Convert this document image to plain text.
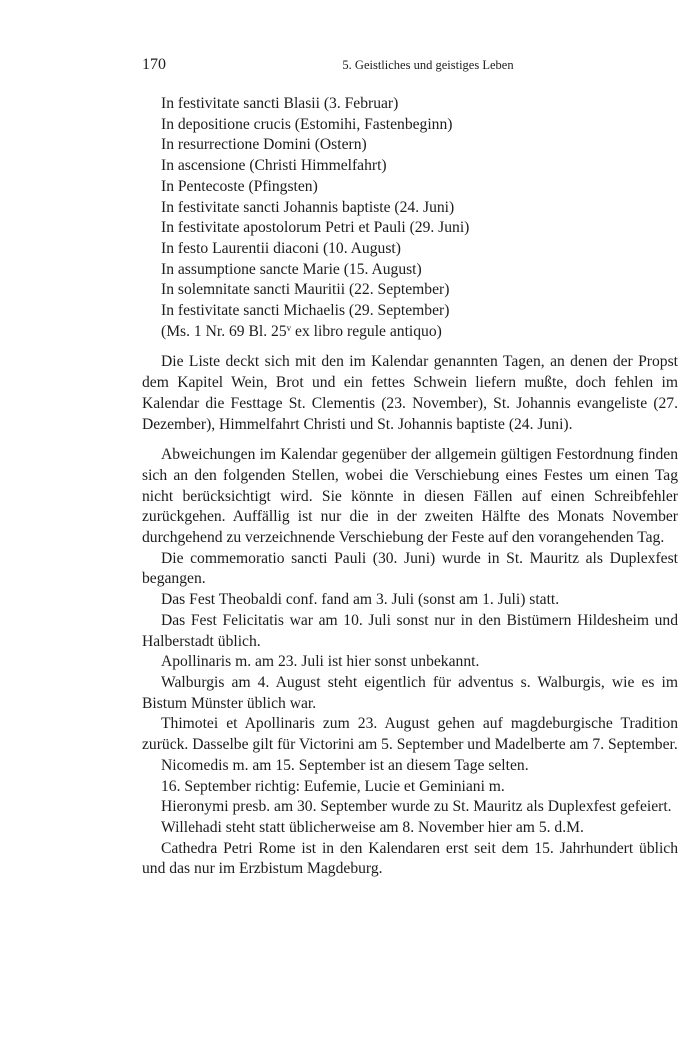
170	5. Geistliches und geistiges Leben
In festivitate sancti Blasii (3. Februar)
In depositione crucis (Estomihi, Fastenbeginn)
In resurrectione Domini (Ostern)
In ascensione (Christi Himmelfahrt)
In Pentecoste (Pfingsten)
In festivitate sancti Johannis baptiste (24. Juni)
In festivitate apostolorum Petri et Pauli (29. Juni)
In festo Laurentii diaconi (10. August)
In assumptione sancte Marie (15. August)
In solemnitate sancti Mauritii (22. September)
In festivitate sancti Michaelis (29. September)
(Ms. 1 Nr. 69 Bl. 25$^v$ ex libro regule antiquo)

Die Liste deckt sich mit den im Kalendar genannten Tagen, an denen der Propst dem Kapitel Wein, Brot und ein fettes Schwein liefern mußte, doch fehlen im Kalendar die Festtage St. Clementis (23. November), St. Johannis evangeliste (27. Dezember), Himmelfahrt Christi und St. Johannis baptiste (24. Juni).

Abweichungen im Kalendar gegenüber der allgemein gültigen Festordnung finden sich an den folgenden Stellen, wobei die Verschiebung eines Festes um einen Tag nicht berücksichtigt wird. Sie könnte in diesen Fällen auf einen Schreibfehler zurückgehen. Auffällig ist nur die in der zweiten Hälfte des Monats November durchgehend zu verzeichnende Verschiebung der Feste auf den vorangehenden Tag.

Die commemoratio sancti Pauli (30. Juni) wurde in St. Mauritz als Duplexfest begangen.

Das Fest Theobaldi conf. fand am 3. Juli (sonst am 1. Juli) statt.

Das Fest Felicitatis war am 10. Juli sonst nur in den Bistümern Hildesheim und Halberstadt üblich.

Apollinaris m. am 23. Juli ist hier sonst unbekannt.

Walburgis am 4. August steht eigentlich für adventus s. Walburgis, wie es im Bistum Münster üblich war.

Thimotei et Apollinaris zum 23. August gehen auf magdeburgische Tradition zurück. Dasselbe gilt für Victorini am 5. September und Madelberte am 7. September.

Nicomedis m. am 15. September ist an diesem Tage selten.

16. September richtig: Eufemie, Lucie et Geminiani m.

Hieronymi presb. am 30. September wurde zu St. Mauritz als Duplexfest gefeiert.

Willehadi steht statt üblicherweise am 8. November hier am 5. d.M.

Cathedra Petri Rome ist in den Kalendaren erst seit dem 15. Jahrhundert üblich und das nur im Erzbistum Magdeburg.
